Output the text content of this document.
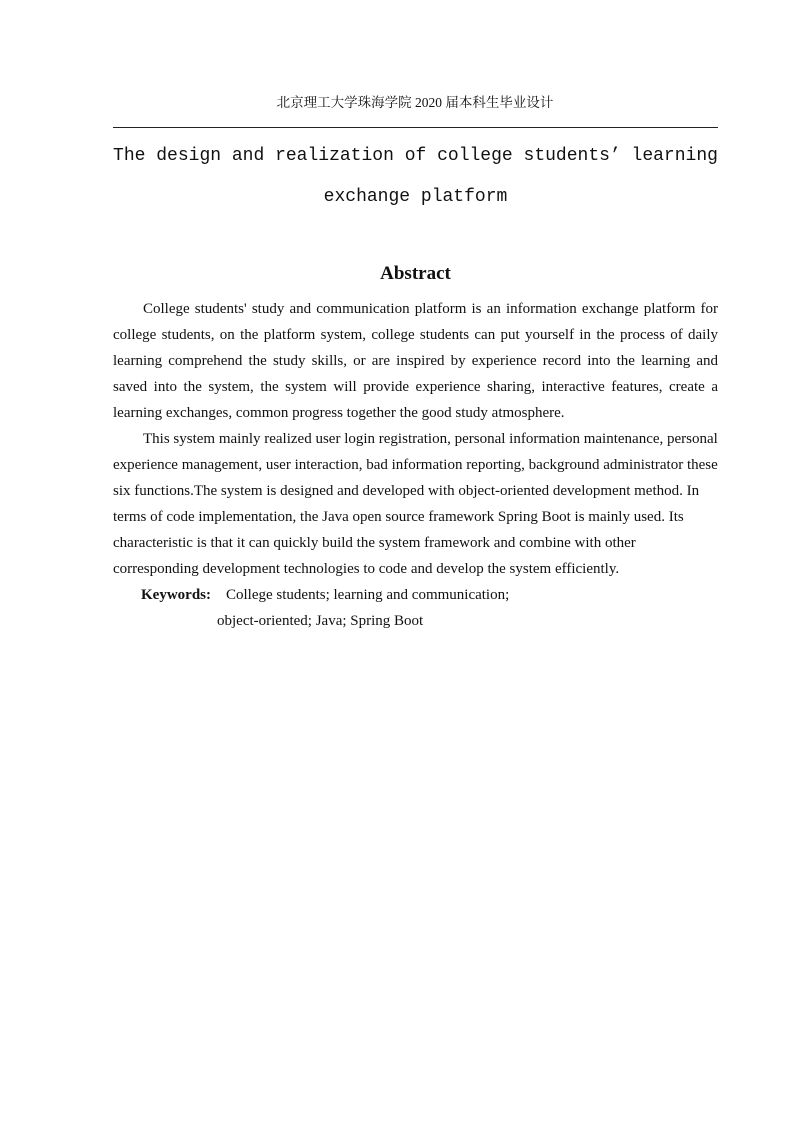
北京理工大学珠海学院 2020 届本科生毕业设计
The design and realization of college students’ learning exchange platform
Abstract

College students' study and communication platform is an information exchange platform for college students, on the platform system, college students can put yourself in the process of daily learning comprehend the study skills, or are inspired by experience record into the learning and saved into the system, the system will provide experience sharing, interactive features, create a learning exchanges, common progress together the good study atmosphere.

This system mainly realized user login registration, personal information maintenance, personal experience management, user interaction, bad information reporting, background administrator these six functions.The system is designed and developed with object-oriented development method. In terms of code implementation, the Java open source framework Spring Boot is mainly used. Its characteristic is that it can quickly build the system framework and combine with other corresponding development technologies to code and develop the system efficiently.

Keywords: College students; learning and communication;

object-oriented; Java; Spring Boot
